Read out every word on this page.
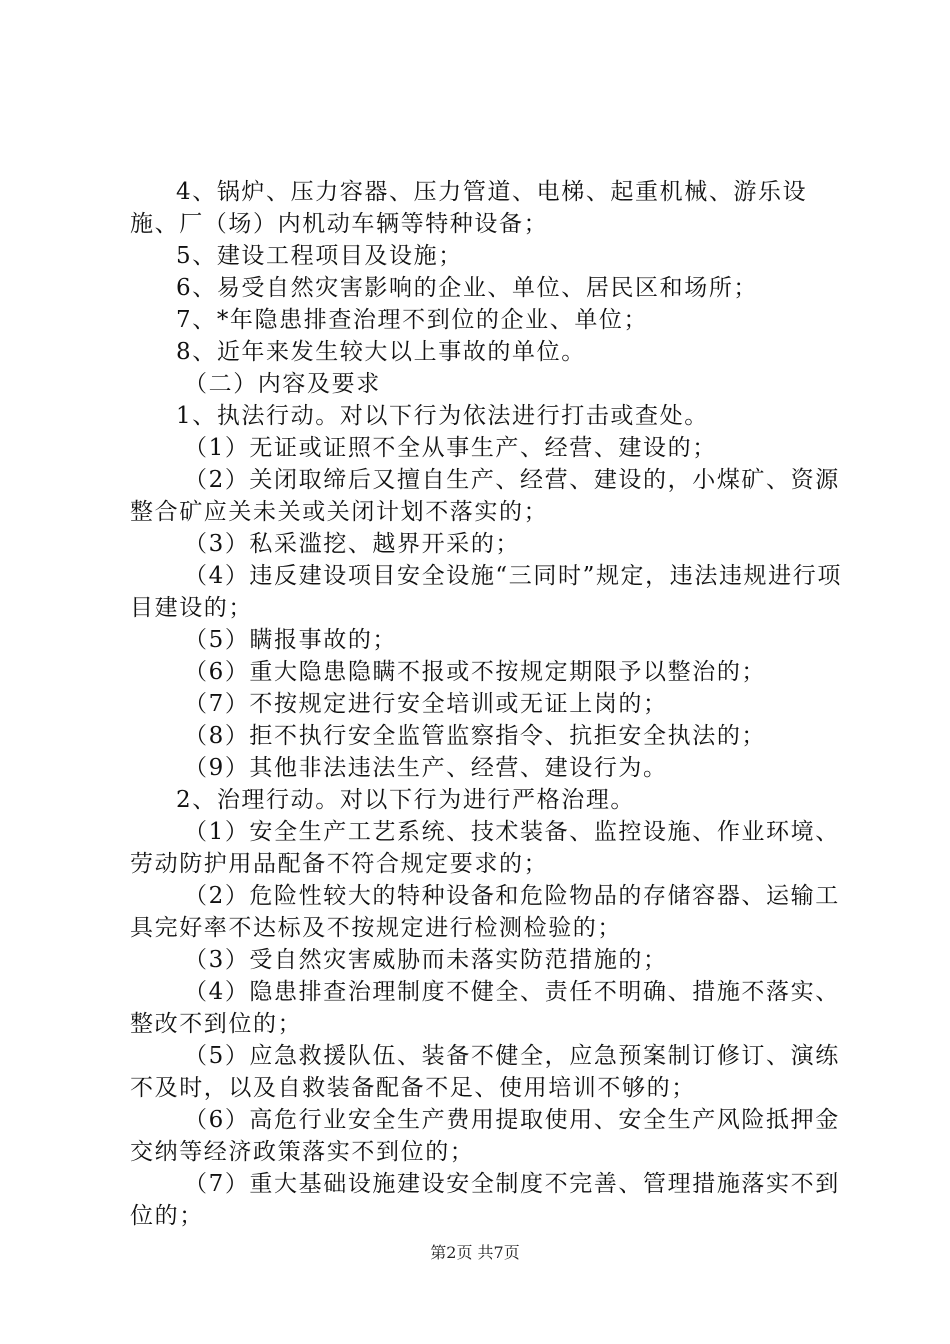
4、锅炉、压力容器、压力管道、电梯、起重机械、游乐设施、厂（场）内机动车辆等特种设备；

5、建设工程项目及设施；

6、易受自然灾害影响的企业、单位、居民区和场所；

7、*年隐患排查治理不到位的企业、单位；

8、近年来发生较大以上事故的单位。

（二）内容及要求

1、执法行动。对以下行为依法进行打击或查处。

（1）无证或证照不全从事生产、经营、建设的；

（2）关闭取缔后又擅自生产、经营、建设的，小煤矿、资源整合矿应关未关或关闭计划不落实的；

（3）私采滥挖、越界开采的；

（4）违反建设项目安全设施“三同时”规定，违法违规进行项目建设的；

（5）瞒报事故的；

（6）重大隐患隐瞒不报或不按规定期限予以整治的；

（7）不按规定进行安全培训或无证上岗的；

（8）拒不执行安全监管监察指令、抗拒安全执法的；

（9）其他非法违法生产、经营、建设行为。

2、治理行动。对以下行为进行严格治理。

（1）安全生产工艺系统、技术装备、监控设施、作业环境、劳动防护用品配备不符合规定要求的；

（2）危险性较大的特种设备和危险物品的存储容器、运输工具完好率不达标及不按规定进行检测检验的；

（3）受自然灾害威胁而未落实防范措施的；

（4）隐患排查治理制度不健全、责任不明确、措施不落实、整改不到位的；

（5）应急救援队伍、装备不健全，应急预案制订修订、演练不及时，以及自救装备配备不足、使用培训不够的；

（6）高危行业安全生产费用提取使用、安全生产风险抵押金交纳等经济政策落实不到位的；

（7）重大基础设施建设安全制度不完善、管理措施落实不到位的；

第2页 共7页
